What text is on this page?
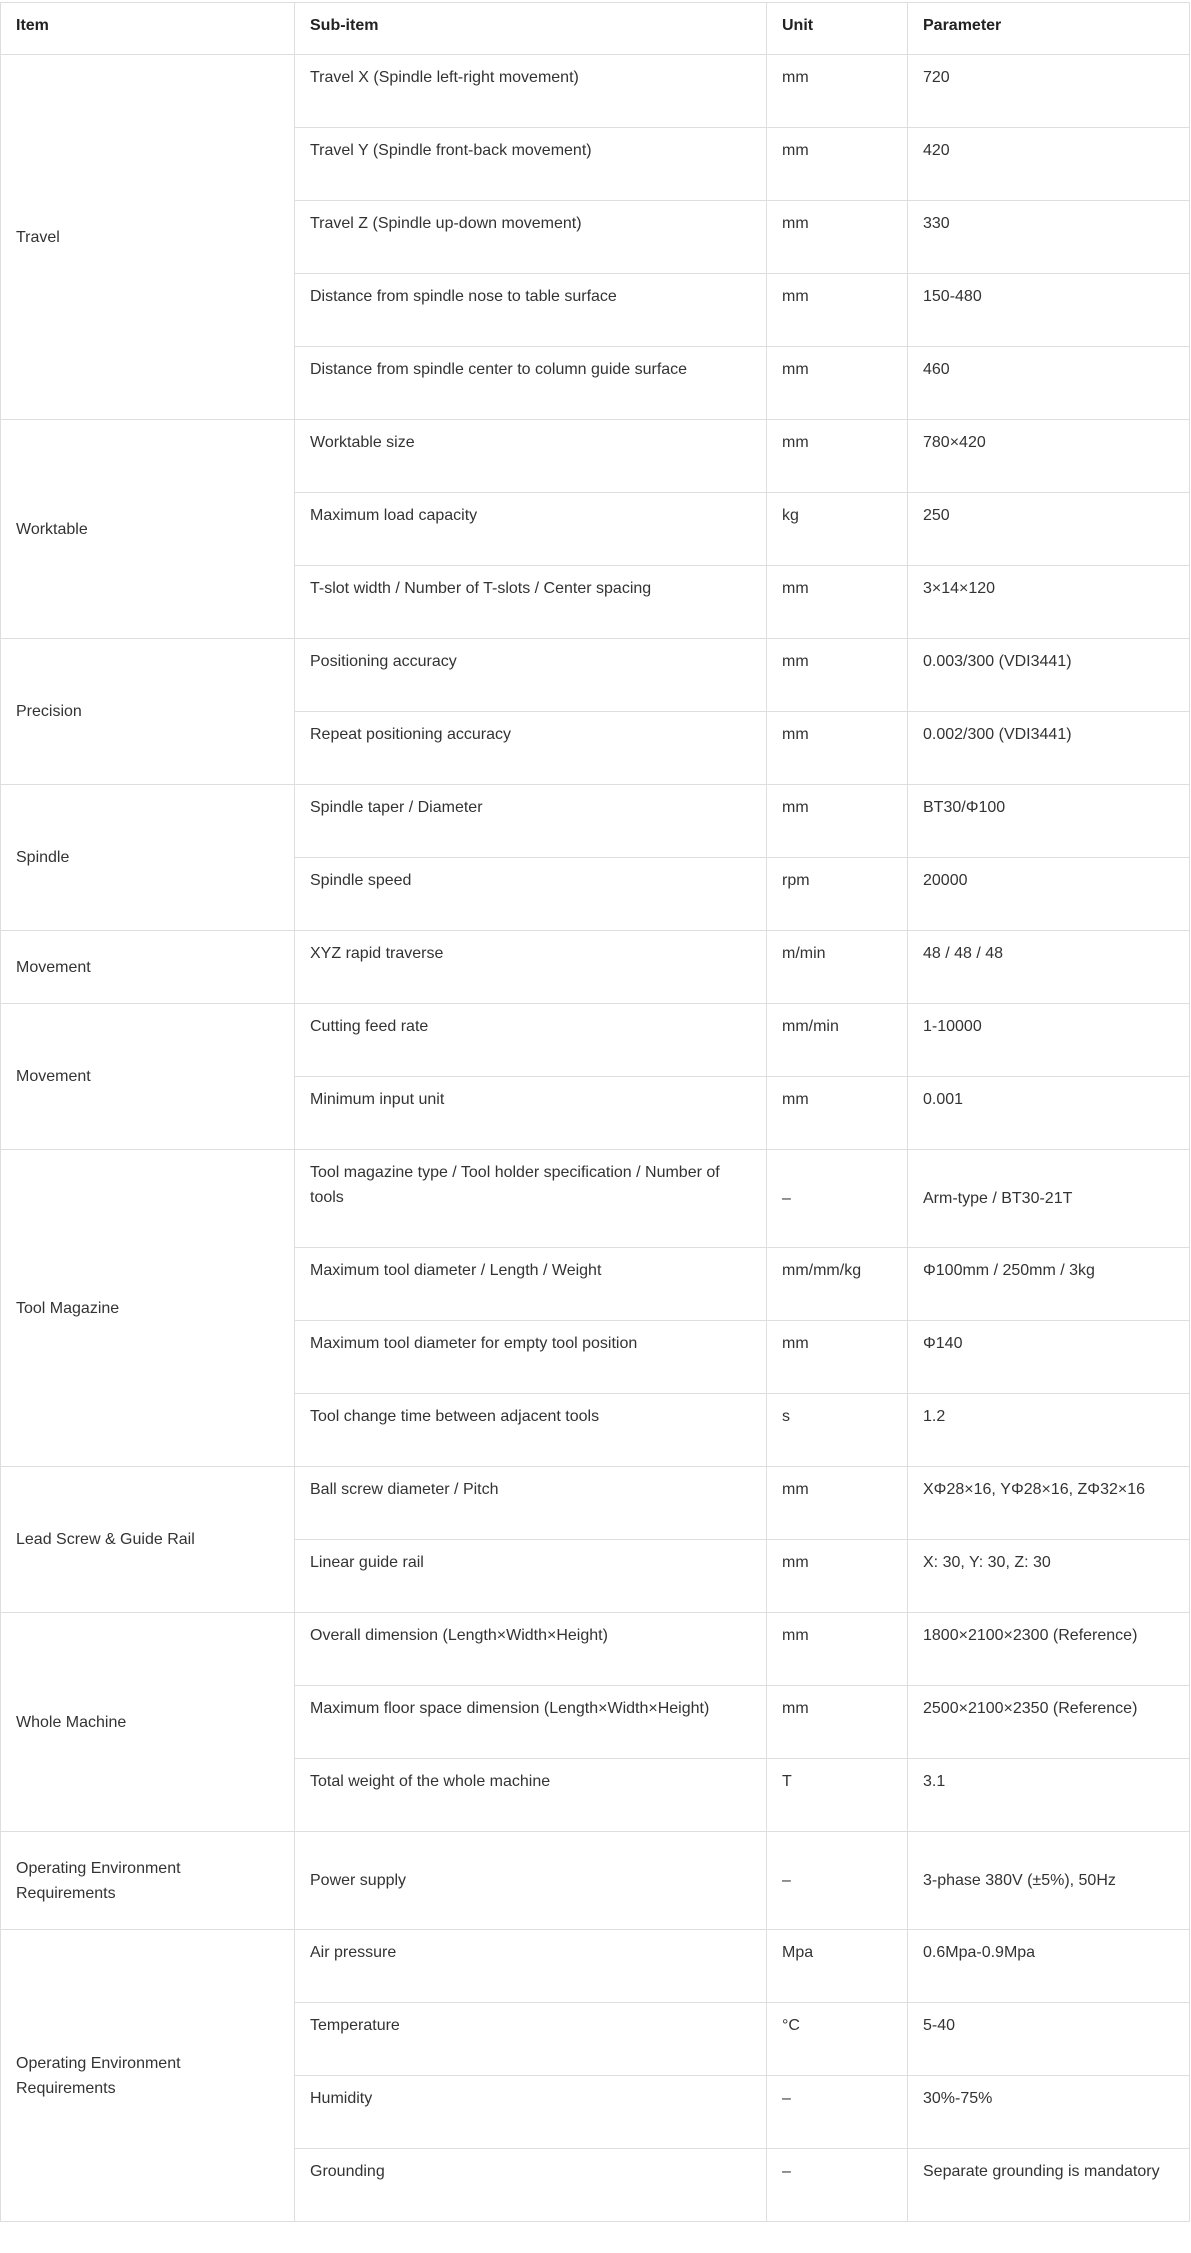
Item	Sub-item	Unit	Parameter
Travel	Travel X (Spindle left-right movement)	mm	720
	Travel Y (Spindle front-back movement)	mm	420
	Travel Z (Spindle up-down movement)	mm	330
	Distance from spindle nose to table surface	mm	150-480
	Distance from spindle center to column guide surface	mm	460
Worktable	Worktable size	mm	780×420
	Maximum load capacity	kg	250
	T-slot width / Number of T-slots / Center spacing	mm	3×14×120
Precision	Positioning accuracy	mm	0.003/300 (VDI3441)
	Repeat positioning accuracy	mm	0.002/300 (VDI3441)
Spindle	Spindle taper / Diameter	mm	BT30/Φ100
	Spindle speed	rpm	20000
Movement	XYZ rapid traverse	m/min	48 / 48 / 48
Movement	Cutting feed rate	mm/min	1-10000
	Minimum input unit	mm	0.001
Tool Magazine	Tool magazine type / Tool holder specification / Number of tools	–	Arm-type / BT30-21T
	Maximum tool diameter / Length / Weight	mm/mm/kg	Φ100mm / 250mm / 3kg
	Maximum tool diameter for empty tool position	mm	Φ140
	Tool change time between adjacent tools	s	1.2
Lead Screw & Guide Rail	Ball screw diameter / Pitch	mm	XΦ28×16, YΦ28×16, ZΦ32×16
	Linear guide rail	mm	X: 30, Y: 30, Z: 30
Whole Machine	Overall dimension (Length×Width×Height)	mm	1800×2100×2300 (Reference)
	Maximum floor space dimension (Length×Width×Height)	mm	2500×2100×2350 (Reference)
	Total weight of the whole machine	T	3.1
Operating Environment Requirements	Power supply	–	3-phase 380V (±5%), 50Hz
Operating Environment Requirements	Air pressure	Mpa	0.6Mpa-0.9Mpa
	Temperature	°C	5-40
	Humidity	–	30%-75%
	Grounding	–	Separate grounding is mandatory
